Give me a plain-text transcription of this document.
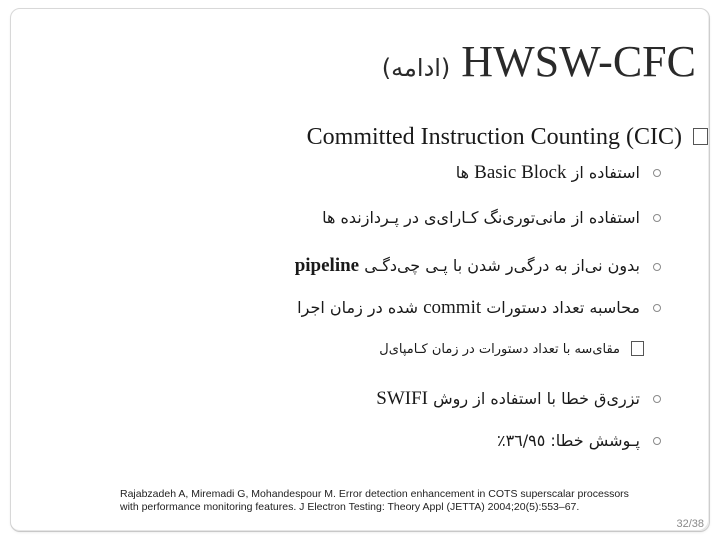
(ادامه) HWSW-CFC
Committed Instruction Counting (CIC)
استفاده از Basic Block ها
استفاده از مانی‌توری‌نگ کـارای‌ی در پـردازنده ها
بدون نی‌از به درگی‌ر شدن با پـی چی‌دگـی pipeline
محاسبه تعداد دستورات commit شده در زمان اجرا
مقای‌سه با تعداد دستورات در زمان کـامپای‌ل
تزری‌ق خطا با استفاده از روش SWIFI
پـوشش خطا: ٣٦/٩٥٪
Rajabzadeh A, Miremadi G, Mohandespour M. Error detection enhancement in COTS superscalar processors with performance monitoring features. J Electron Testing: Theory Appl (JETTA) 2004;20(5):553–67.
32/38
